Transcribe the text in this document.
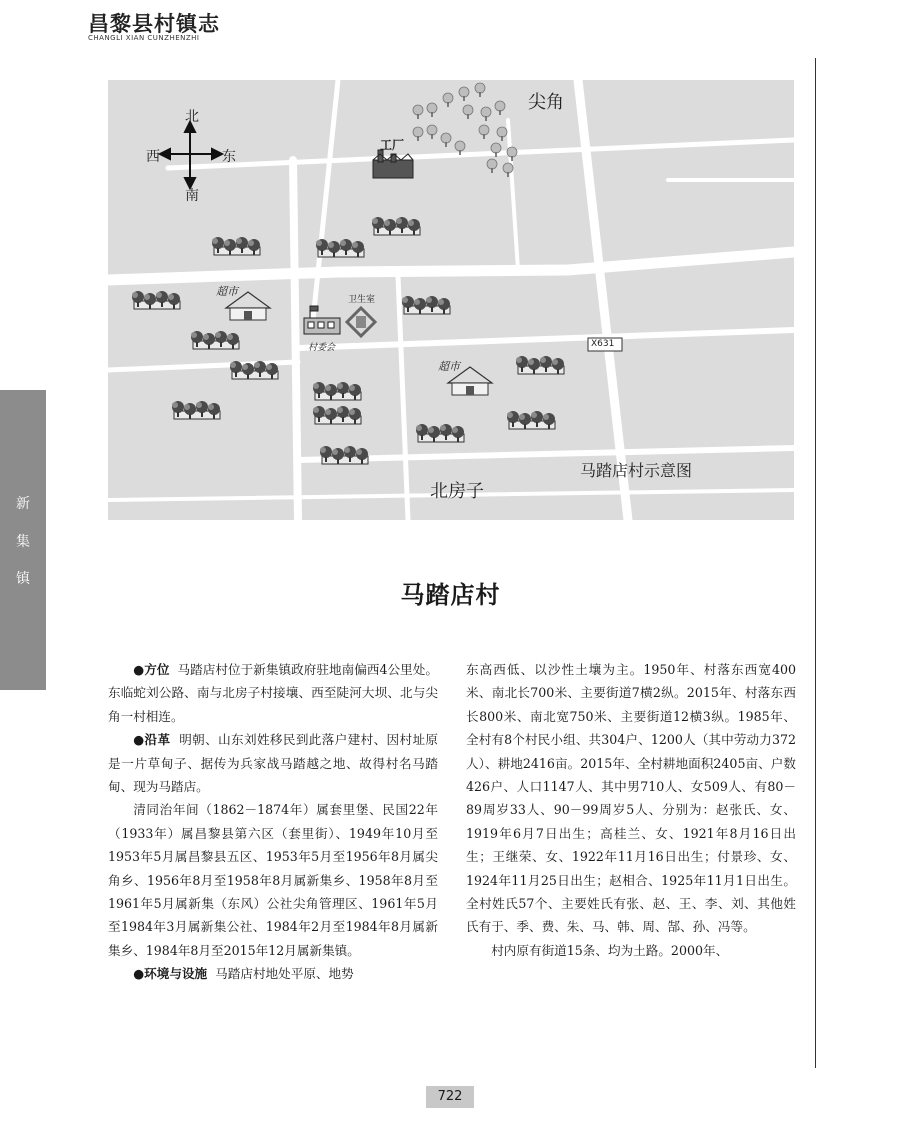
昌黎县村镇志
CHANGLI XIAN CUNZHENZHI
新
集
镇
北
南
西	东
尖角
工厂
超市
卫生室
村委会
超市
X631
北房子
马踏店村示意图
马踏店村

●方位 马踏店村位于新集镇政府驻地南偏西4公里处。东临蛇刘公路、南与北房子村接壤、西至陡河大坝、北与尖角一村相连。

●沿革 明朝、山东刘姓移民到此落户建村、因村址原是一片草甸子、据传为兵家战马踏越之地、故得村名马踏甸、现为马踏店。

清同治年间（1862－1874年）属套里堡、民国22年（1933年）属昌黎县第六区（套里街）、1949年10月至1953年5月属昌黎县五区、1953年5月至1956年8月属尖角乡、1956年8月至1958年8月属新集乡、1958年8月至1961年5月属新集（东风）公社尖角管理区、1961年5月至1984年3月属新集公社、1984年2月至1984年8月属新集乡、1984年8月至2015年12月属新集镇。

●环境与设施 马踏店村地处平原、地势

东高西低、以沙性土壤为主。1950年、村落东西宽400米、南北长700米、主要街道7横2纵。2015年、村落东西长800米、南北宽750米、主要街道12横3纵。1985年、全村有8个村民小组、共304户、1200人（其中劳动力372人）、耕地2416亩。2015年、全村耕地面积2405亩、户数426户、人口1147人、其中男710人、女509人、有80－89周岁33人、90－99周岁5人、分别为：赵张氏、女、1919年6月7日出生；高桂兰、女、1921年8月16日出生；王继荣、女、1922年11月16日出生；付景珍、女、1924年11月25日出生；赵相合、1925年11月1日出生。全村姓氏57个、主要姓氏有张、赵、王、李、刘、其他姓氏有于、季、费、朱、马、韩、周、郜、孙、冯等。

村内原有街道15条、均为土路。2000年、

722
